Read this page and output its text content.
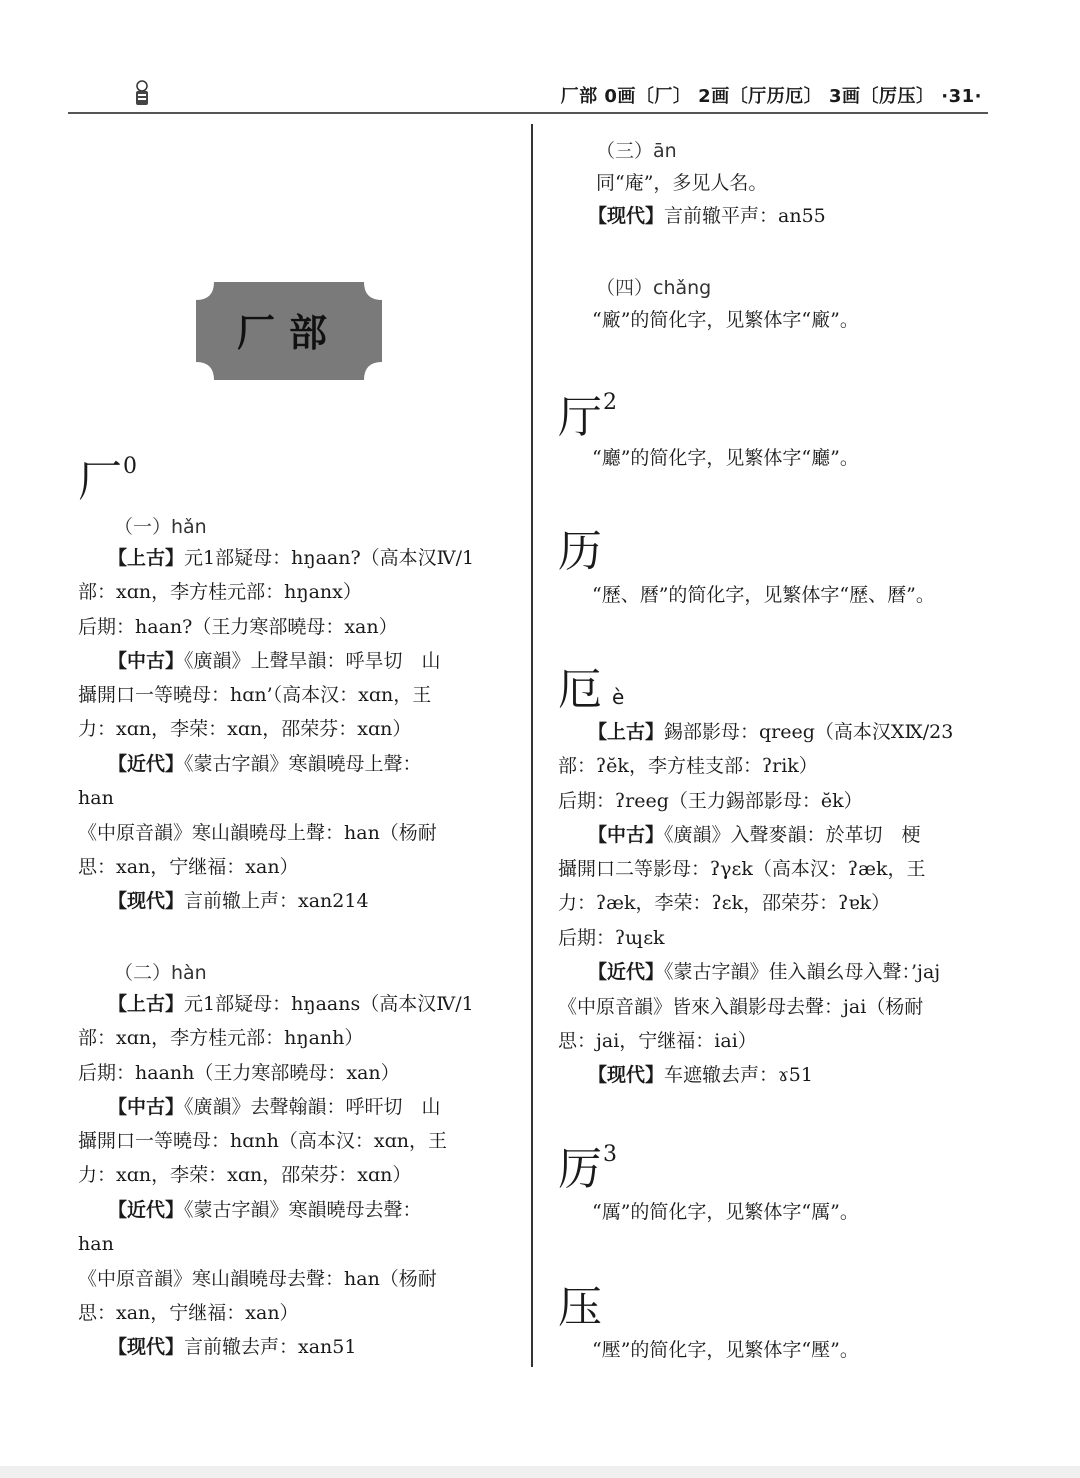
厂部 0画〔厂〕 2画〔厅历厄〕 3画〔厉压〕 ·31·
厂部
厂$^0$
（一）hǎn
【上古】元1部疑母：hŋaan?（高本汉Ⅳ/1
部：xɑn，李方桂元部：hŋanx）
后期：haan?（王力寒部曉母：xan）
【中古】《廣韻》上聲旱韻：呼旱切　山
攝開口一等曉母：hɑn’（高本汉：xɑn，王
力：xɑn，李荣：xɑn，邵荣芬：xɑn）
【近代】《蒙古字韻》寒韻曉母上聲：
han
《中原音韻》寒山韻曉母上聲：han（杨耐
思：xan，宁继福：xan）
【现代】言前辙上声：xan214
（二）hàn
【上古】元1部疑母：hŋaans（高本汉Ⅳ/1
部：xɑn，李方桂元部：hŋanh）
后期：haanh（王力寒部曉母：xan）
【中古】《廣韻》去聲翰韻：呼旰切　山
攝開口一等曉母：hɑnh（高本汉：xɑn，王
力：xɑn，李荣：xɑn，邵荣芬：xɑn）
【近代】《蒙古字韻》寒韻曉母去聲：
han
《中原音韻》寒山韻曉母去聲：han（杨耐
思：xan，宁继福：xan）
【现代】言前辙去声：xan51
（三）ān
同“庵”，多见人名。
【现代】言前辙平声：an55
（四）chǎng
“廠”的简化字，见繁体字“廠”。
厅$^2$
“廳”的简化字，见繁体字“廳”。
历
“歷、曆”的简化字，见繁体字“歷、曆”。
厄è
【上古】錫部影母：qreeg（高本汉ⅩⅨ/23
部：ʔĕk，李方桂支部：ʔrik）
后期：ʔreeg（王力錫部影母：ĕk）
【中古】《廣韻》入聲麥韻：於革切　梗
攝開口二等影母：ʔγεk（高本汉：ʔæk，王
力：ʔæk，李荣：ʔεk，邵荣芬：ʔɐk）
后期：ʔɰεk
【近代】《蒙古字韻》佳入韻幺母入聲：’jaj
《中原音韻》皆來入韻影母去聲：jai（杨耐
思：jai，宁继福：iai）
【现代】车遮辙去声：ɤ51
厉$^3$
“厲”的简化字，见繁体字“厲”。
压
“壓”的简化字，见繁体字“壓”。
